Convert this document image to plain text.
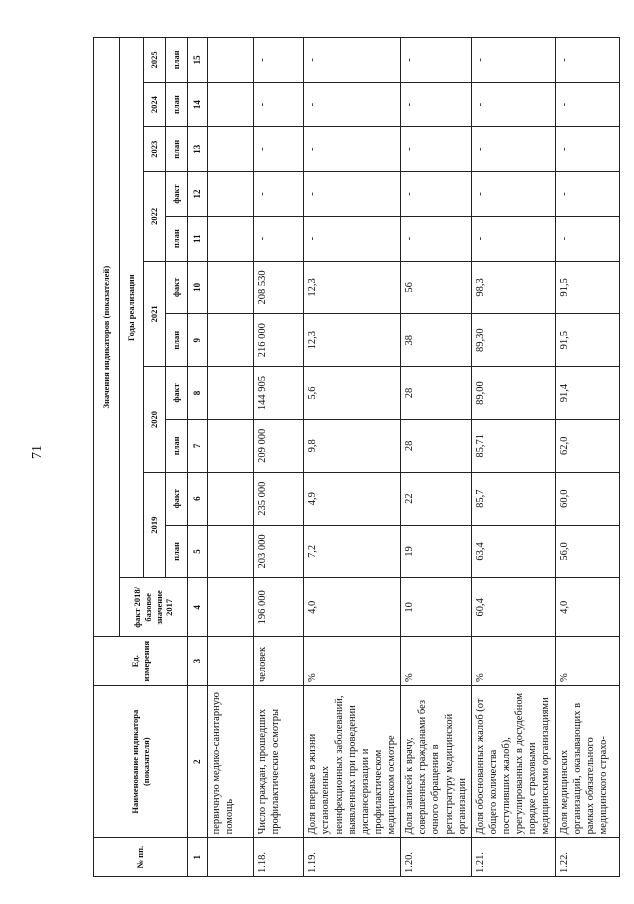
71
№ пп.	Наименование индикатора (показателя)	Ед. измерения	Значения индикаторов (показателей)											
			факт 2018/базовое значение 2017	Годы реализации										
				2019		2020		2021		2022		2023	2024	2025
				план	факт	план	факт	план	факт	план	факт	план	план	план
1	2	3	4	5	6	7	8	9	10	11	12	13	14	15
	первичную медико-санитарную помощь													
1.18.	Число граждан, прошедших профилактические осмотры	человек	196 000	203 000	235 000	209 000	144 905	216 000	208 530	-	-	-	-	-
1.19.	Доля впервые в жизни установленных неинфекционных заболеваний, выявленных при проведении диспансеризации и профилактическом медицинском осмотре	%	4,0	7,2	4,9	9,8	5,6	12,3	12,3	-	-	-	-	-
1.20.	Доля записей к врачу, совершенных гражданами без очного обращения в регистратуру медицинской организации	%	10	19	22	28	28	38	56	-	-	-	-	-
1.21.	Доля обоснованных жалоб (от общего количества поступивших жалоб), урегулированных в досудебном порядке страховыми медицинскими организациями	%	60,4	63,4	85,7	85,71	89,00	89,30	98,3	-	-	-	-	-
1.22.	Доля медицинских организаций, оказывающих в рамках обязательного медицинского страхо-	%	4,0	56,0	60,0	62,0	91,4	91,5	91,5	-	-	-	-	-
